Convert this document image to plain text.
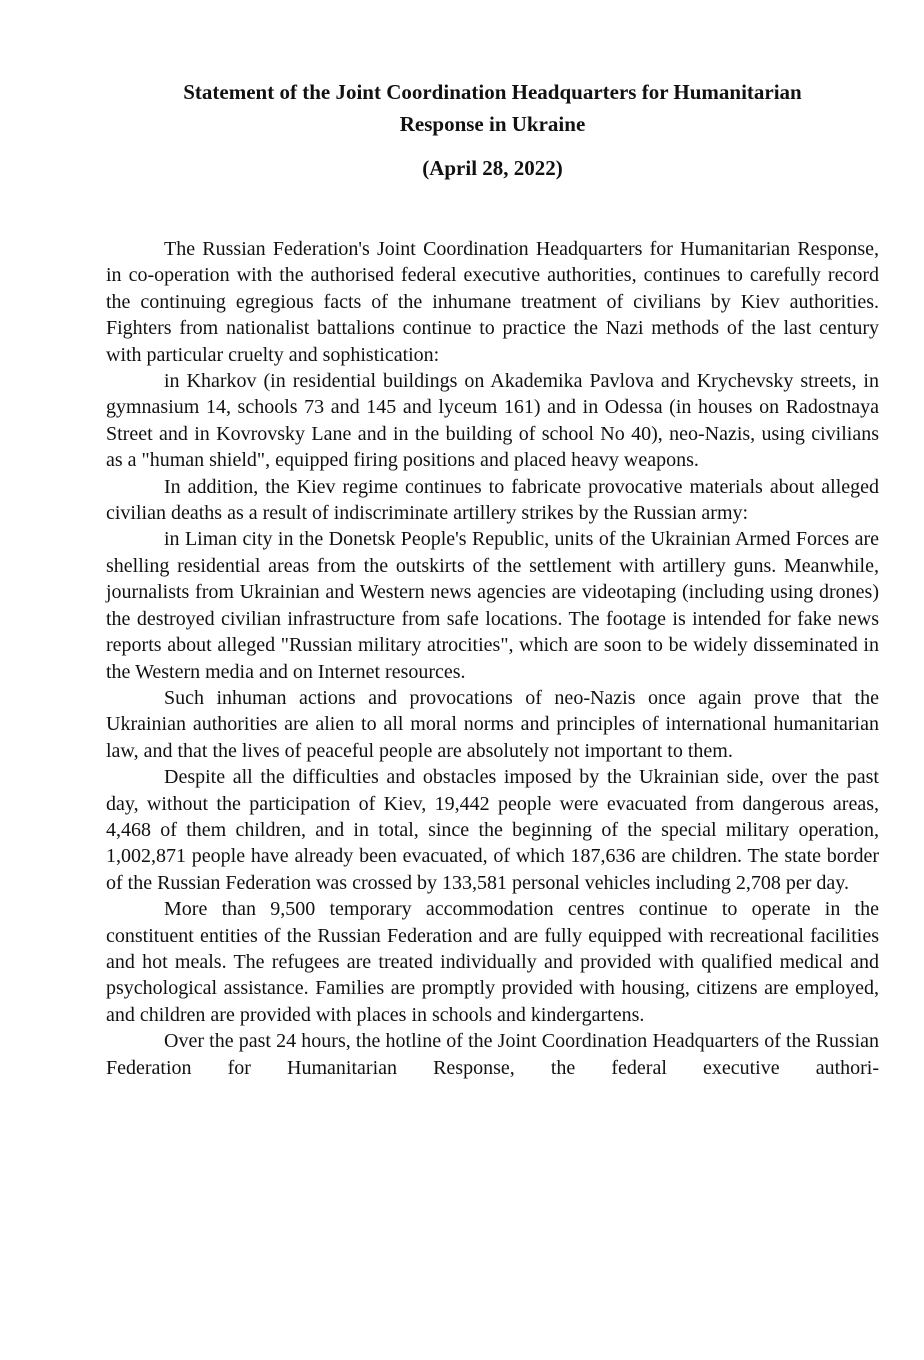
Statement of the Joint Coordination Headquarters for Humanitarian Response in Ukraine
(April 28, 2022)

The Russian Federation's Joint Coordination Headquarters for Humanitarian Response, in co-operation with the authorised federal executive authorities, continues to carefully record the continuing egregious facts of the inhumane treatment of civilians by Kiev authorities. Fighters from nationalist battalions continue to practice the Nazi methods of the last century with particular cruelty and sophistication:

in Kharkov (in residential buildings on Akademika Pavlova and Krychevsky streets, in gymnasium 14, schools 73 and 145 and lyceum 161) and in Odessa (in houses on Radostnaya Street and in Kovrovsky Lane and in the building of school No 40), neo-Nazis, using civilians as a "human shield", equipped firing positions and placed heavy weapons.

In addition, the Kiev regime continues to fabricate provocative materials about alleged civilian deaths as a result of indiscriminate artillery strikes by the Russian army:

in Liman city in the Donetsk People's Republic, units of the Ukrainian Armed Forces are shelling residential areas from the outskirts of the settlement with artillery guns. Meanwhile, journalists from Ukrainian and Western news agencies are videotaping (including using drones) the destroyed civilian infrastructure from safe locations. The footage is intended for fake news reports about alleged "Russian military atrocities", which are soon to be widely disseminated in the Western media and on Internet resources.

Such inhuman actions and provocations of neo-Nazis once again prove that the Ukrainian authorities are alien to all moral norms and principles of international humanitarian law, and that the lives of peaceful people are absolutely not important to them.

Despite all the difficulties and obstacles imposed by the Ukrainian side, over the past day, without the participation of Kiev, 19,442 people were evacuated from dangerous areas, 4,468 of them children, and in total, since the beginning of the special military operation, 1,002,871 people have already been evacuated, of which 187,636 are children. The state border of the Russian Federation was crossed by 133,581 personal vehicles including 2,708 per day.

More than 9,500 temporary accommodation centres continue to operate in the constituent entities of the Russian Federation and are fully equipped with recreational facilities and hot meals. The refugees are treated individually and provided with qualified medical and psychological assistance. Families are promptly provided with housing, citizens are employed, and children are provided with places in schools and kindergartens.

Over the past 24 hours, the hotline of the Joint Coordination Headquarters of the Russian Federation for Humanitarian Response, the federal executive authori-
